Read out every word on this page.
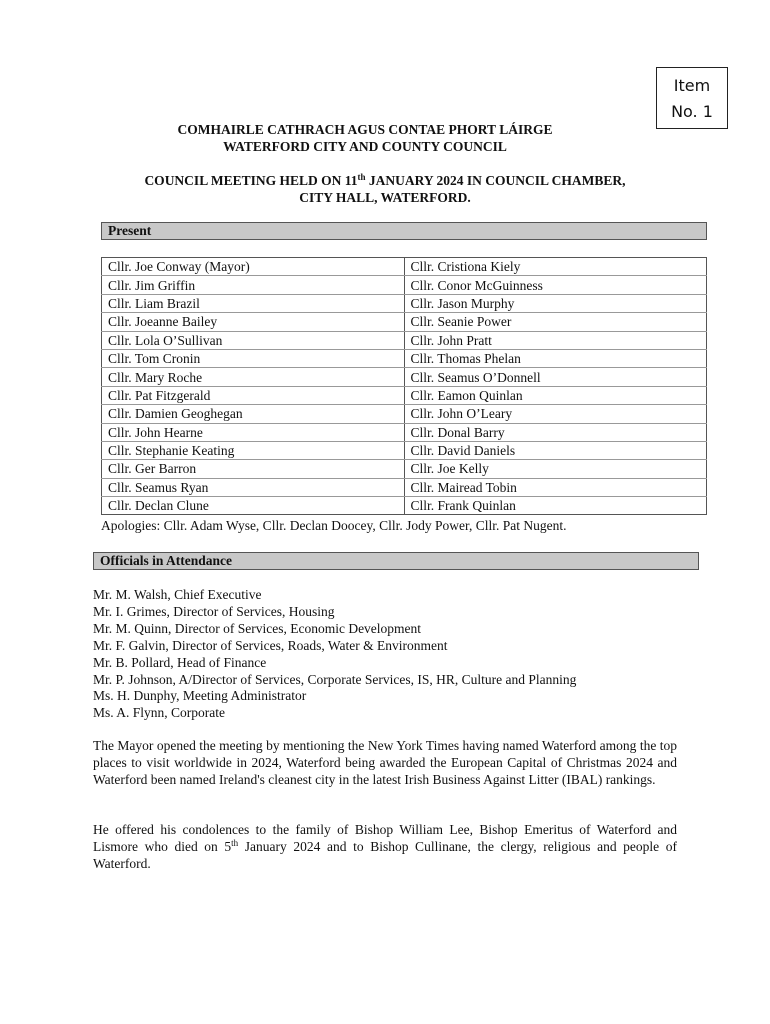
Item
No. 1
COMHAIRLE CATHRACH AGUS CONTAE PHORT LÁIRGE
WATERFORD CITY AND COUNTY COUNCIL
COUNCIL MEETING HELD ON 11th JANUARY 2024 IN COUNCIL CHAMBER,
CITY HALL, WATERFORD.
Present
Cllr. Joe Conway (Mayor)	Cllr. Cristiona Kiely
Cllr. Jim Griffin	Cllr. Conor McGuinness
Cllr. Liam Brazil	Cllr. Jason Murphy
Cllr. Joeanne Bailey	Cllr. Seanie Power
Cllr. Lola O’Sullivan	Cllr. John Pratt
Cllr. Tom Cronin	Cllr. Thomas Phelan
Cllr. Mary Roche	Cllr. Seamus O’Donnell
Cllr. Pat Fitzgerald	Cllr. Eamon Quinlan
Cllr. Damien Geoghegan	Cllr. John O’Leary
Cllr. John Hearne	Cllr. Donal Barry
Cllr. Stephanie Keating	Cllr. David Daniels
Cllr. Ger Barron	Cllr. Joe Kelly
Cllr. Seamus Ryan	Cllr. Mairead Tobin
Cllr. Declan Clune	Cllr. Frank Quinlan
Apologies: Cllr. Adam Wyse, Cllr. Declan Doocey, Cllr. Jody Power, Cllr. Pat Nugent.
Officials in Attendance
Mr. M. Walsh, Chief Executive
Mr. I. Grimes, Director of Services, Housing
Mr. M. Quinn, Director of Services, Economic Development
Mr. F. Galvin, Director of Services, Roads, Water & Environment
Mr. B. Pollard, Head of Finance
Mr. P. Johnson, A/Director of Services, Corporate Services, IS, HR, Culture and Planning
Ms. H. Dunphy, Meeting Administrator
Ms. A. Flynn, Corporate
The Mayor opened the meeting by mentioning the New York Times having named Waterford among the top places to visit worldwide in 2024, Waterford being awarded the European Capital of Christmas 2024 and Waterford been named Ireland's cleanest city in the latest Irish Business Against Litter (IBAL) rankings.
He offered his condolences to the family of Bishop William Lee, Bishop Emeritus of Waterford and Lismore who died on 5th January 2024 and to Bishop Cullinane, the clergy, religious and people of Waterford.
